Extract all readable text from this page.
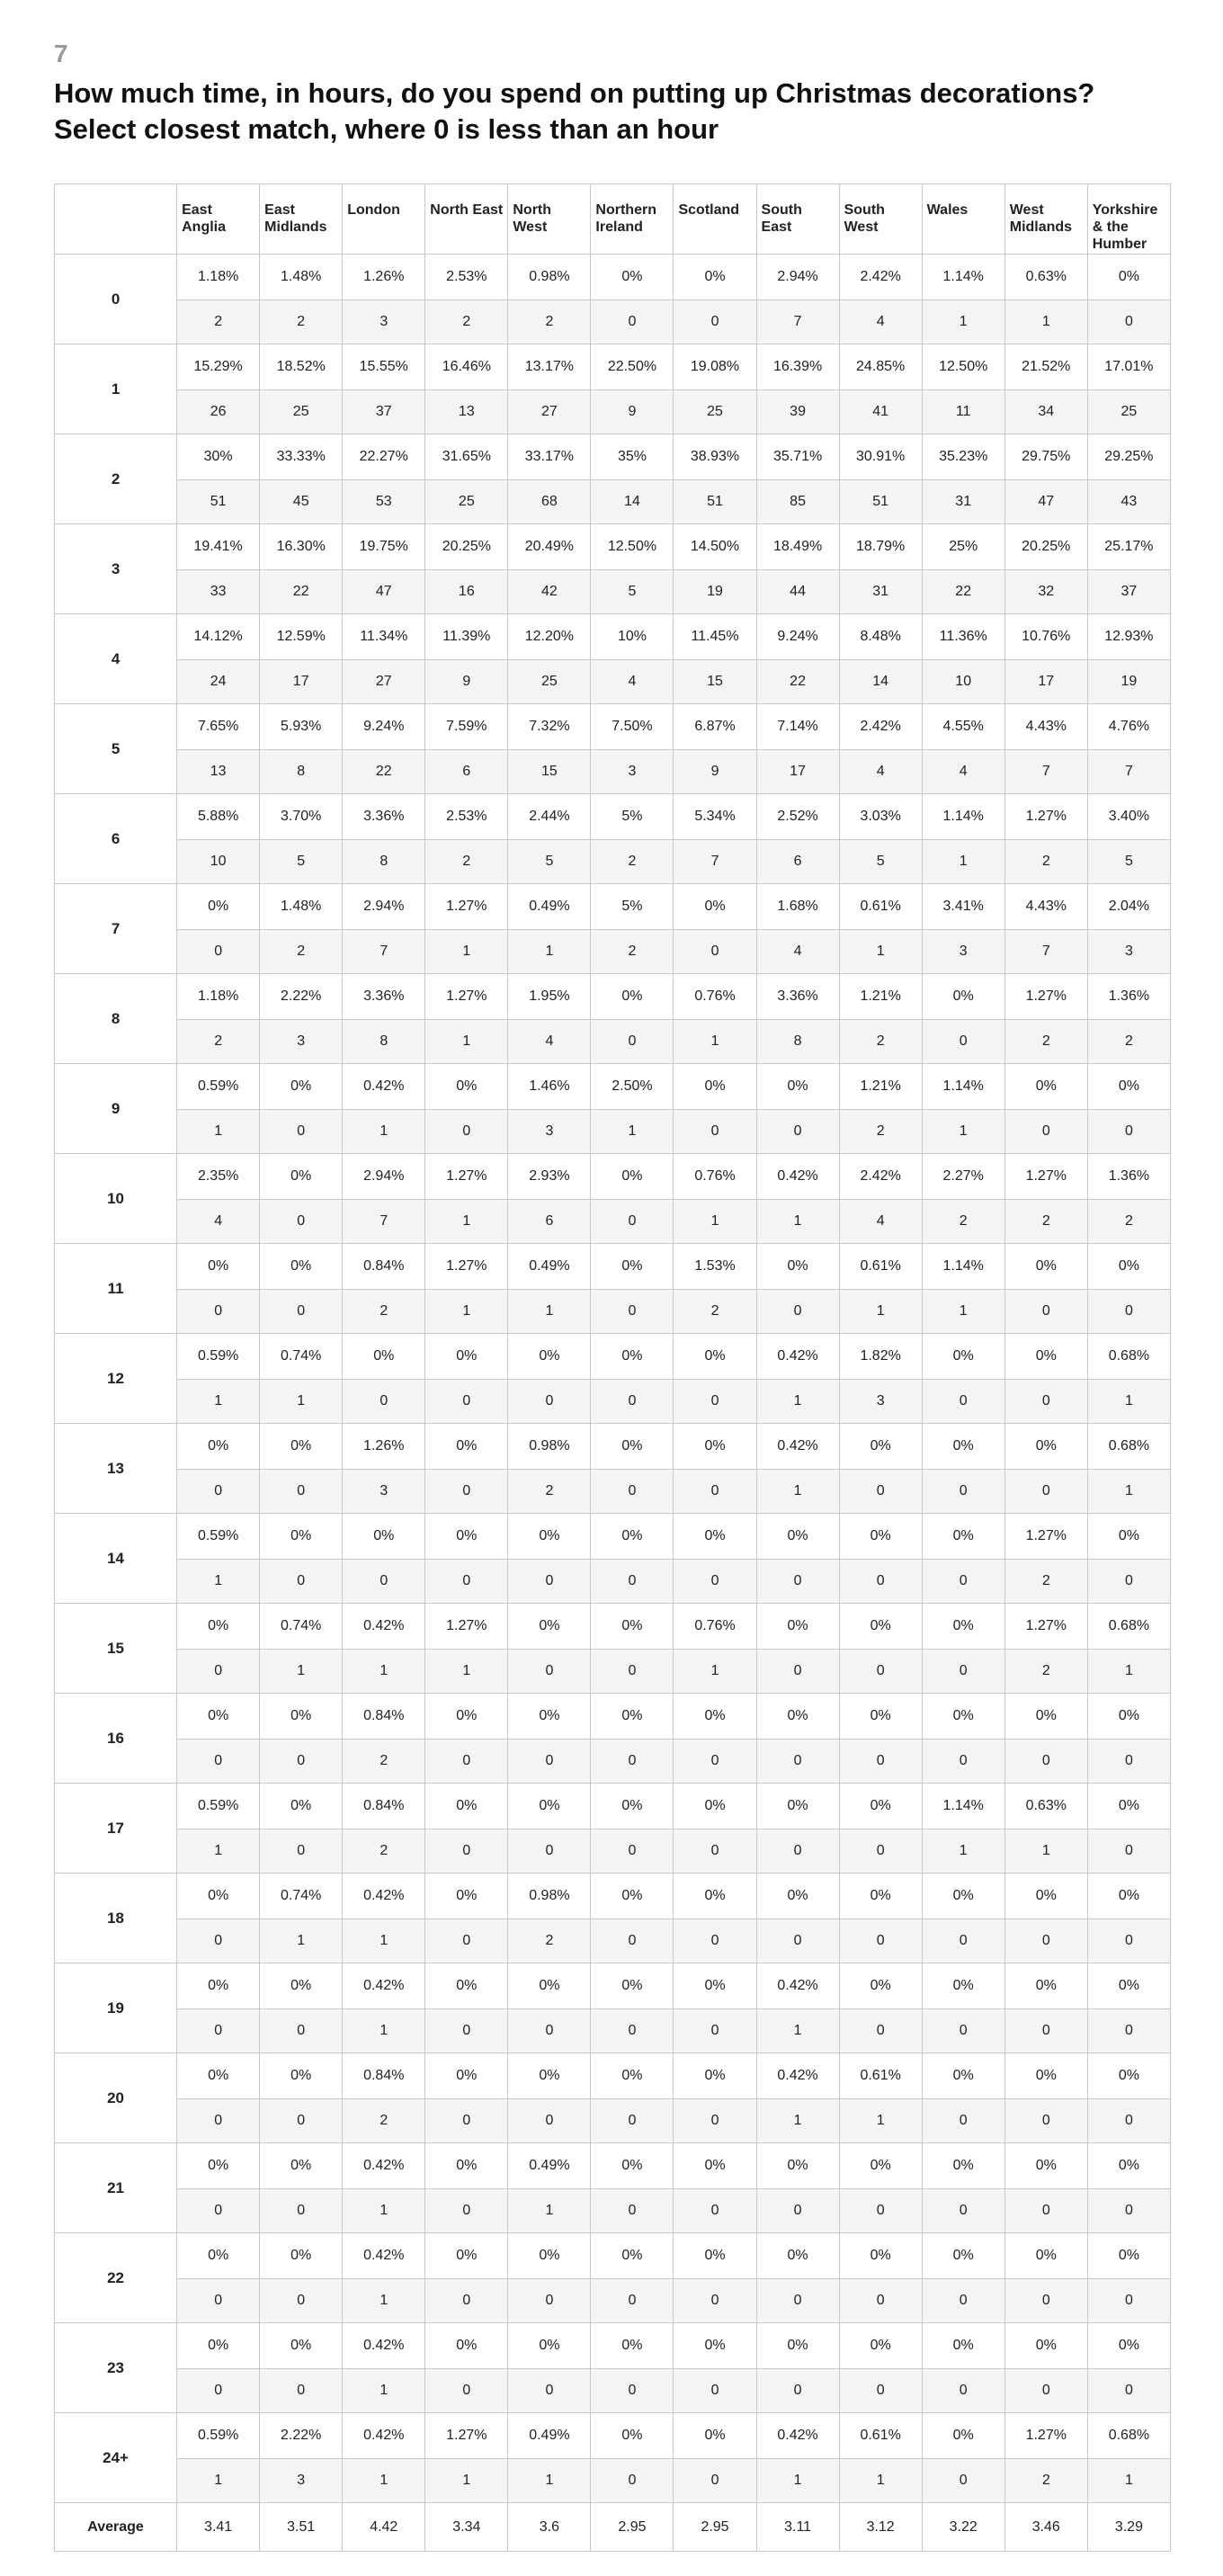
7
How much time, in hours, do you spend on putting up Christmas decorations? Select closest match, where 0 is less than an hour
	East Anglia	East Midlands	London	North East	North West	Northern Ireland	Scotland	South East	South West	Wales	West Midlands	Yorkshire & the Humber
0	1.18%	1.48%	1.26%	2.53%	0.98%	0%	0%	2.94%	2.42%	1.14%	0.63%	0%
	2	2	3	2	2	0	0	7	4	1	1	0
1	15.29%	18.52%	15.55%	16.46%	13.17%	22.50%	19.08%	16.39%	24.85%	12.50%	21.52%	17.01%
	26	25	37	13	27	9	25	39	41	11	34	25
2	30%	33.33%	22.27%	31.65%	33.17%	35%	38.93%	35.71%	30.91%	35.23%	29.75%	29.25%
	51	45	53	25	68	14	51	85	51	31	47	43
3	19.41%	16.30%	19.75%	20.25%	20.49%	12.50%	14.50%	18.49%	18.79%	25%	20.25%	25.17%
	33	22	47	16	42	5	19	44	31	22	32	37
4	14.12%	12.59%	11.34%	11.39%	12.20%	10%	11.45%	9.24%	8.48%	11.36%	10.76%	12.93%
	24	17	27	9	25	4	15	22	14	10	17	19
5	7.65%	5.93%	9.24%	7.59%	7.32%	7.50%	6.87%	7.14%	2.42%	4.55%	4.43%	4.76%
	13	8	22	6	15	3	9	17	4	4	7	7
6	5.88%	3.70%	3.36%	2.53%	2.44%	5%	5.34%	2.52%	3.03%	1.14%	1.27%	3.40%
	10	5	8	2	5	2	7	6	5	1	2	5
7	0%	1.48%	2.94%	1.27%	0.49%	5%	0%	1.68%	0.61%	3.41%	4.43%	2.04%
	0	2	7	1	1	2	0	4	1	3	7	3
8	1.18%	2.22%	3.36%	1.27%	1.95%	0%	0.76%	3.36%	1.21%	0%	1.27%	1.36%
	2	3	8	1	4	0	1	8	2	0	2	2
9	0.59%	0%	0.42%	0%	1.46%	2.50%	0%	0%	1.21%	1.14%	0%	0%
	1	0	1	0	3	1	0	0	2	1	0	0
10	2.35%	0%	2.94%	1.27%	2.93%	0%	0.76%	0.42%	2.42%	2.27%	1.27%	1.36%
	4	0	7	1	6	0	1	1	4	2	2	2
11	0%	0%	0.84%	1.27%	0.49%	0%	1.53%	0%	0.61%	1.14%	0%	0%
	0	0	2	1	1	0	2	0	1	1	0	0
12	0.59%	0.74%	0%	0%	0%	0%	0%	0.42%	1.82%	0%	0%	0.68%
	1	1	0	0	0	0	0	1	3	0	0	1
13	0%	0%	1.26%	0%	0.98%	0%	0%	0.42%	0%	0%	0%	0.68%
	0	0	3	0	2	0	0	1	0	0	0	1
14	0.59%	0%	0%	0%	0%	0%	0%	0%	0%	0%	1.27%	0%
	1	0	0	0	0	0	0	0	0	0	2	0
15	0%	0.74%	0.42%	1.27%	0%	0%	0.76%	0%	0%	0%	1.27%	0.68%
	0	1	1	1	0	0	1	0	0	0	2	1
16	0%	0%	0.84%	0%	0%	0%	0%	0%	0%	0%	0%	0%
	0	0	2	0	0	0	0	0	0	0	0	0
17	0.59%	0%	0.84%	0%	0%	0%	0%	0%	0%	1.14%	0.63%	0%
	1	0	2	0	0	0	0	0	0	1	1	0
18	0%	0.74%	0.42%	0%	0.98%	0%	0%	0%	0%	0%	0%	0%
	0	1	1	0	2	0	0	0	0	0	0	0
19	0%	0%	0.42%	0%	0%	0%	0%	0.42%	0%	0%	0%	0%
	0	0	1	0	0	0	0	1	0	0	0	0
20	0%	0%	0.84%	0%	0%	0%	0%	0.42%	0.61%	0%	0%	0%
	0	0	2	0	0	0	0	1	1	0	0	0
21	0%	0%	0.42%	0%	0.49%	0%	0%	0%	0%	0%	0%	0%
	0	0	1	0	1	0	0	0	0	0	0	0
22	0%	0%	0.42%	0%	0%	0%	0%	0%	0%	0%	0%	0%
	0	0	1	0	0	0	0	0	0	0	0	0
23	0%	0%	0.42%	0%	0%	0%	0%	0%	0%	0%	0%	0%
	0	0	1	0	0	0	0	0	0	0	0	0
24+	0.59%	2.22%	0.42%	1.27%	0.49%	0%	0%	0.42%	0.61%	0%	1.27%	0.68%
	1	3	1	1	1	0	0	1	1	0	2	1
Average	3.41	3.51	4.42	3.34	3.6	2.95	2.95	3.11	3.12	3.22	3.46	3.29
